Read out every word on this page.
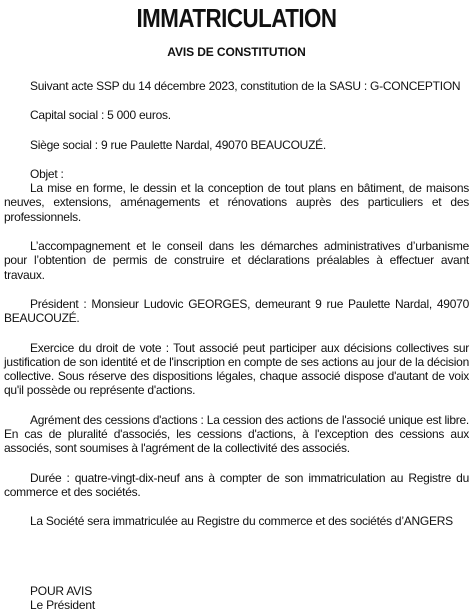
IMMATRICULATION
AVIS DE CONSTITUTION

Suivant acte SSP du 14 décembre 2023, constitution de la SASU : G-CONCEPTION

Capital social : 5 000 euros.

Siège social : 9 rue Paulette Nardal, 49070 BEAUCOUZÉ.

Objet :

La mise en forme, le dessin et la conception de tout plans en bâtiment, de maisons neuves, extensions, aménagements et rénovations auprès des particuliers et des professionnels.

L’accompagnement et le conseil dans les démarches administratives d’urbanisme pour l’obtention de permis de construire et déclarations préalables à effectuer avant travaux.

Président : Monsieur Ludovic GEORGES, demeurant 9 rue Paulette Nardal, 49070 BEAUCOUZÉ.

Exercice du droit de vote : Tout associé peut participer aux décisions collectives sur justification de son identité et de l'inscription en compte de ses actions au jour de la décision collective. Sous réserve des dispositions légales, chaque associé dispose d'autant de voix qu'il possède ou représente d'actions.

Agrément des cessions d'actions : La cession des actions de l'associé unique est libre. En cas de pluralité d'associés, les cessions d'actions, à l'exception des cessions aux associés, sont soumises à l'agrément de la collectivité des associés.

Durée : quatre-vingt-dix-neuf ans à compter de son immatriculation au Registre du commerce et des sociétés.

La Société sera immatriculée au Registre du commerce et des sociétés d’ANGERS

POUR AVIS
Le Président
